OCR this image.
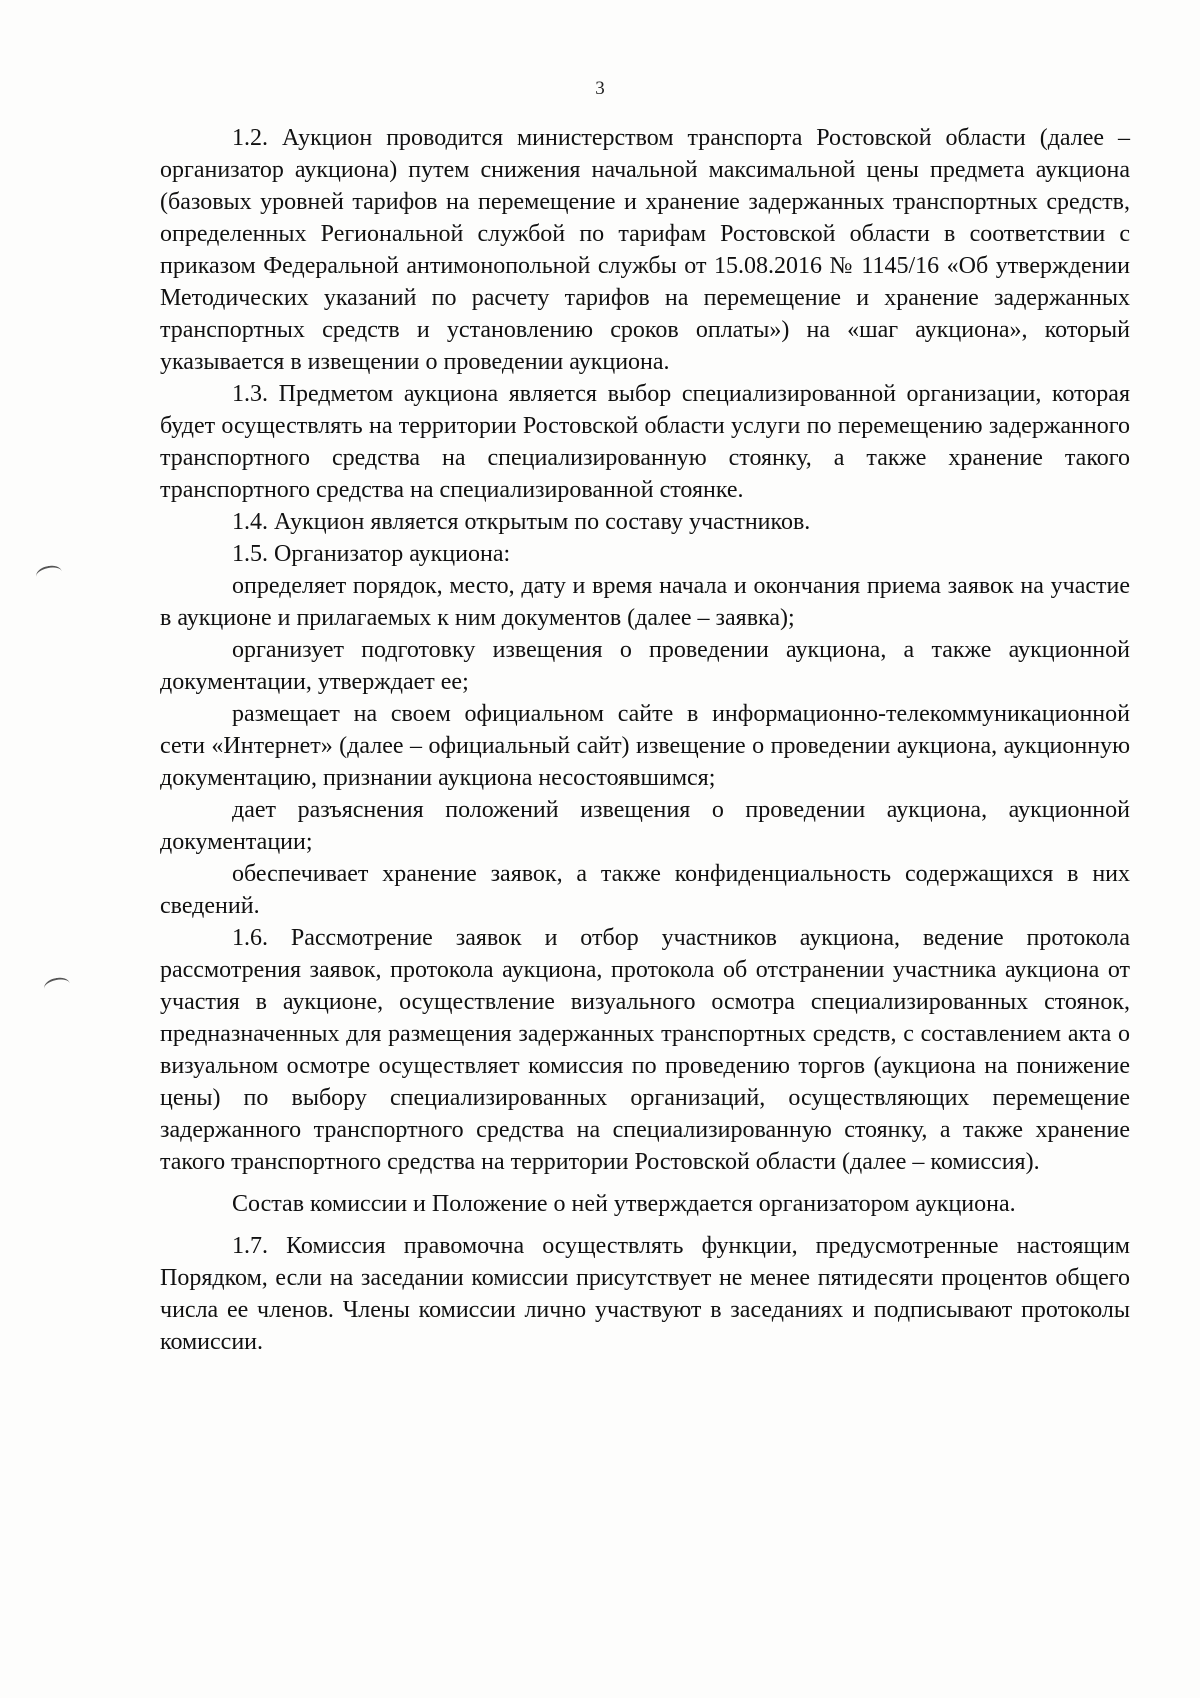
3

1.2. Аукцион проводится министерством транспорта Ростовской области (далее – организатор аукциона) путем снижения начальной максимальной цены предмета аукциона (базовых уровней тарифов на перемещение и хранение задержанных транспортных средств, определенных Региональной службой по тарифам Ростовской области в соответствии с приказом Федеральной антимонопольной службы от 15.08.2016 № 1145/16 «Об утверждении Методических указаний по расчету тарифов на перемещение и хранение задержанных транспортных средств и установлению сроков оплаты») на «шаг аукциона», который указывается в извещении о проведении аукциона.

1.3. Предметом аукциона является выбор специализированной организации, которая будет осуществлять на территории Ростовской области услуги по перемещению задержанного транспортного средства на специализированную стоянку, а также хранение такого транспортного средства на специализированной стоянке.

1.4. Аукцион является открытым по составу участников.

1.5. Организатор аукциона:

определяет порядок, место, дату и время начала и окончания приема заявок на участие в аукционе и прилагаемых к ним документов (далее – заявка);

организует подготовку извещения о проведении аукциона, а также аукционной документации, утверждает ее;

размещает на своем официальном сайте в информационно-телекоммуникационной сети «Интернет» (далее – официальный сайт) извещение о проведении аукциона, аукционную документацию, признании аукциона несостоявшимся;

дает разъяснения положений извещения о проведении аукциона, аукционной документации;

обеспечивает хранение заявок, а также конфиденциальность содержащихся в них сведений.

1.6. Рассмотрение заявок и отбор участников аукциона, ведение протокола рассмотрения заявок, протокола аукциона, протокола об отстранении участника аукциона от участия в аукционе, осуществление визуального осмотра специализированных стоянок, предназначенных для размещения задержанных транспортных средств, с составлением акта о визуальном осмотре осуществляет комиссия по проведению торгов (аукциона на понижение цены) по выбору специализированных организаций, осуществляющих перемещение задержанного транспортного средства на специализированную стоянку, а также хранение такого транспортного средства на территории Ростовской области (далее – комиссия).

Состав комиссии и Положение о ней утверждается организатором аукциона.

1.7. Комиссия правомочна осуществлять функции, предусмотренные настоящим Порядком, если на заседании комиссии присутствует не менее пятидесяти процентов общего числа ее членов. Члены комиссии лично участвуют в заседаниях и подписывают протоколы комиссии.
